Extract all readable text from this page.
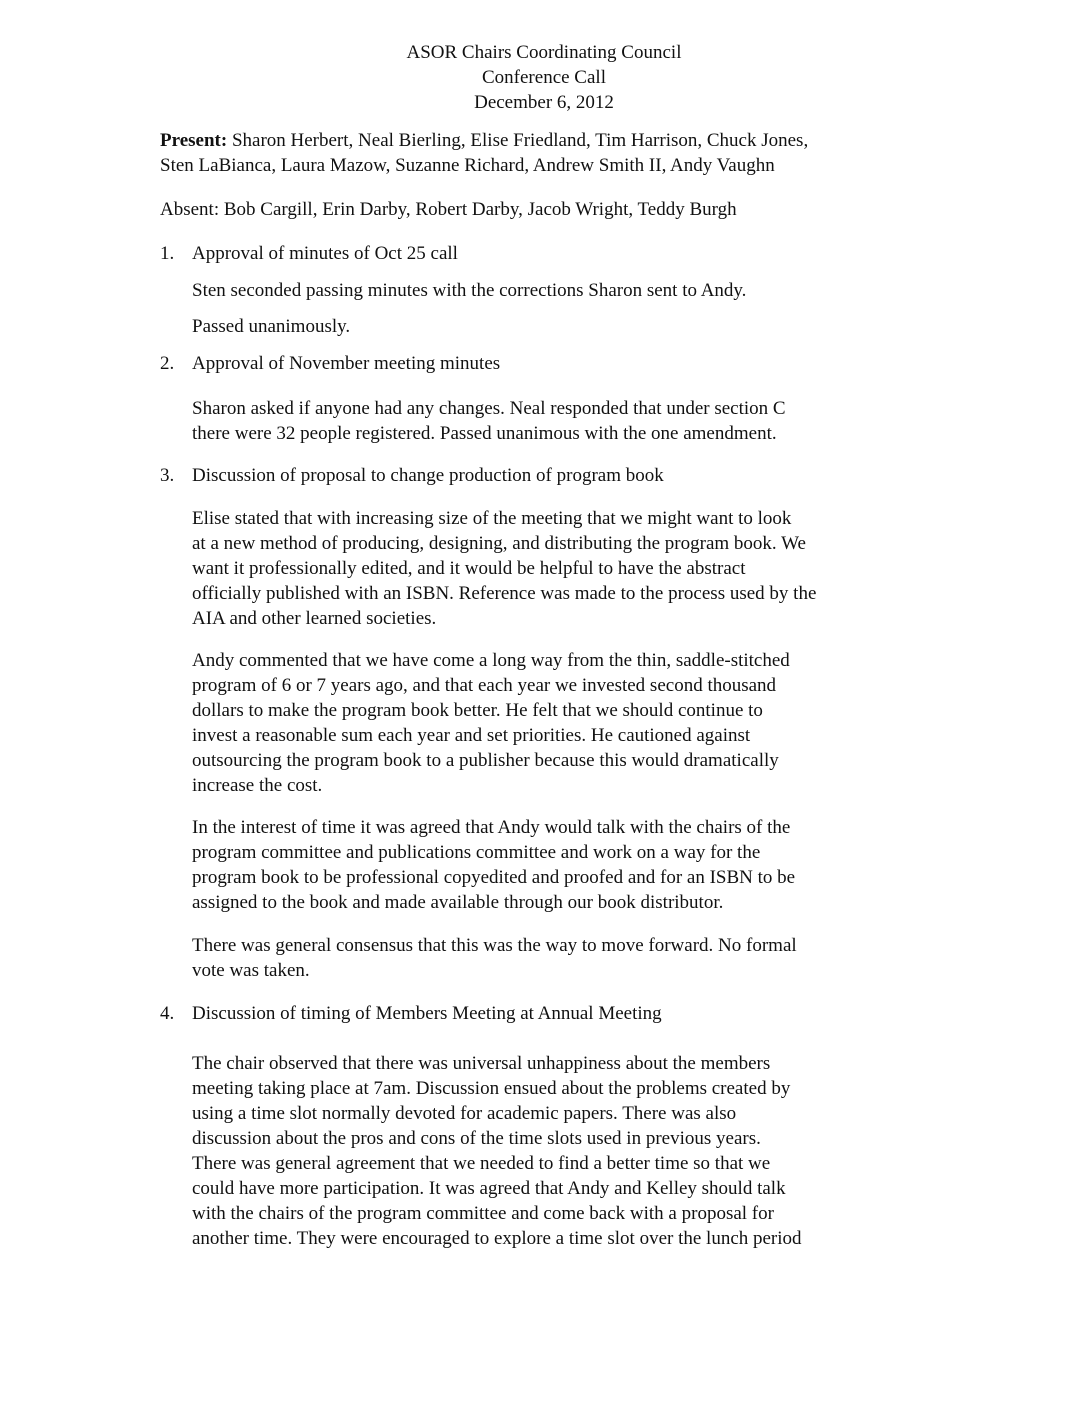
ASOR Chairs Coordinating Council
Conference Call
December 6, 2012
Present: Sharon Herbert, Neal Bierling, Elise Friedland, Tim Harrison, Chuck Jones,
Sten LaBianca, Laura Mazow, Suzanne Richard, Andrew Smith II, Andy Vaughn
Absent: Bob Cargill, Erin Darby, Robert Darby, Jacob Wright, Teddy Burgh
1. Approval of minutes of Oct 25 call
Sten seconded passing minutes with the corrections Sharon sent to Andy.
Passed unanimously.
2. Approval of November meeting minutes
Sharon asked if anyone had any changes. Neal responded that under section C
there were 32 people registered. Passed unanimous with the one amendment.
3. Discussion of proposal to change production of program book
Elise stated that with increasing size of the meeting that we might want to look
at a new method of producing, designing, and distributing the program book. We
want it professionally edited, and it would be helpful to have the abstract
officially published with an ISBN. Reference was made to the process used by the
AIA and other learned societies.
Andy commented that we have come a long way from the thin, saddle-stitched
program of 6 or 7 years ago, and that each year we invested second thousand
dollars to make the program book better. He felt that we should continue to
invest a reasonable sum each year and set priorities. He cautioned against
outsourcing the program book to a publisher because this would dramatically
increase the cost.
In the interest of time it was agreed that Andy would talk with the chairs of the
program committee and publications committee and work on a way for the
program book to be professional copyedited and proofed and for an ISBN to be
assigned to the book and made available through our book distributor.
There was general consensus that this was the way to move forward. No formal
vote was taken.
4. Discussion of timing of Members Meeting at Annual Meeting
The chair observed that there was universal unhappiness about the members
meeting taking place at 7am. Discussion ensued about the problems created by
using a time slot normally devoted for academic papers. There was also
discussion about the pros and cons of the time slots used in previous years.
There was general agreement that we needed to find a better time so that we
could have more participation. It was agreed that Andy and Kelley should talk
with the chairs of the program committee and come back with a proposal for
another time. They were encouraged to explore a time slot over the lunch period
